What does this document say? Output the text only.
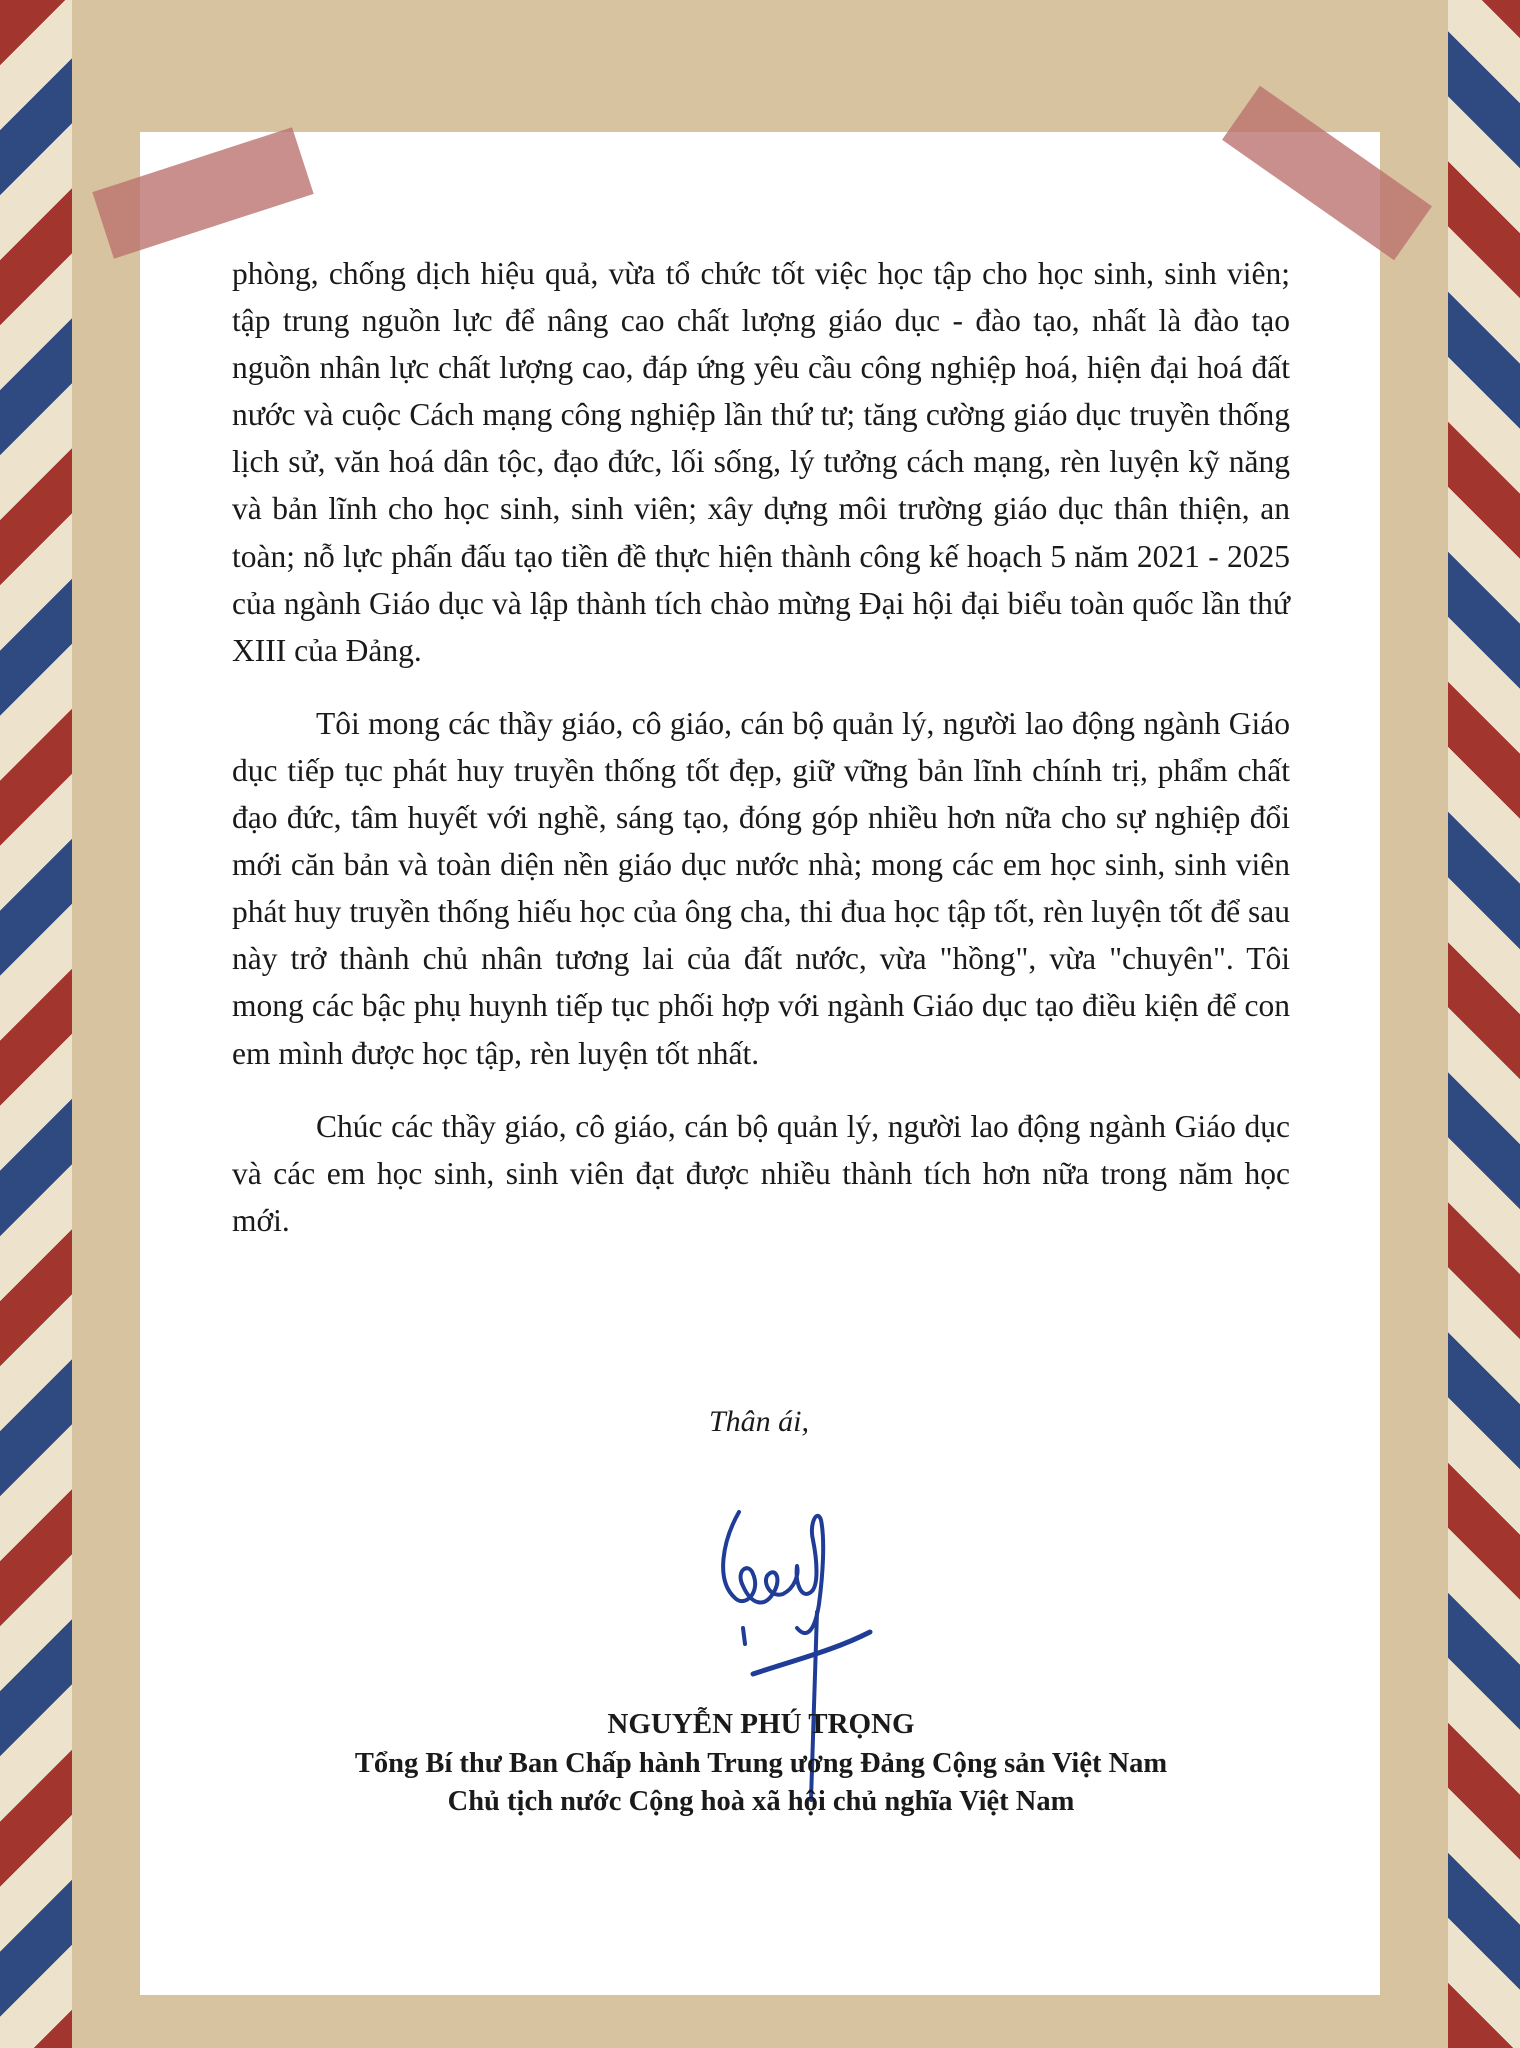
phòng, chống dịch hiệu quả, vừa tổ chức tốt việc học tập cho học sinh, sinh viên; tập trung nguồn lực để nâng cao chất lượng giáo dục - đào tạo, nhất là đào tạo nguồn nhân lực chất lượng cao, đáp ứng yêu cầu công nghiệp hoá, hiện đại hoá đất nước và cuộc Cách mạng công nghiệp lần thứ tư; tăng cường giáo dục truyền thống lịch sử, văn hoá dân tộc, đạo đức, lối sống, lý tưởng cách mạng, rèn luyện kỹ năng và bản lĩnh cho học sinh, sinh viên; xây dựng môi trường giáo dục thân thiện, an toàn; nỗ lực phấn đấu tạo tiền đề thực hiện thành công kế hoạch 5 năm 2021 - 2025 của ngành Giáo dục và lập thành tích chào mừng Đại hội đại biểu toàn quốc lần thứ XIII của Đảng.

Tôi mong các thầy giáo, cô giáo, cán bộ quản lý, người lao động ngành Giáo dục tiếp tục phát huy truyền thống tốt đẹp, giữ vững bản lĩnh chính trị, phẩm chất đạo đức, tâm huyết với nghề, sáng tạo, đóng góp nhiều hơn nữa cho sự nghiệp đổi mới căn bản và toàn diện nền giáo dục nước nhà; mong các em học sinh, sinh viên phát huy truyền thống hiếu học của ông cha, thi đua học tập tốt, rèn luyện tốt để sau này trở thành chủ nhân tương lai của đất nước, vừa "hồng", vừa "chuyên". Tôi mong các bậc phụ huynh tiếp tục phối hợp với ngành Giáo dục tạo điều kiện để con em mình được học tập, rèn luyện tốt nhất.

Chúc các thầy giáo, cô giáo, cán bộ quản lý, người lao động ngành Giáo dục và các em học sinh, sinh viên đạt được nhiều thành tích hơn nữa trong năm học mới.

Thân ái,
NGUYỄN PHÚ TRỌNG
Tổng Bí thư Ban Chấp hành Trung ương Đảng Cộng sản Việt Nam
Chủ tịch nước Cộng hoà xã hội chủ nghĩa Việt Nam
